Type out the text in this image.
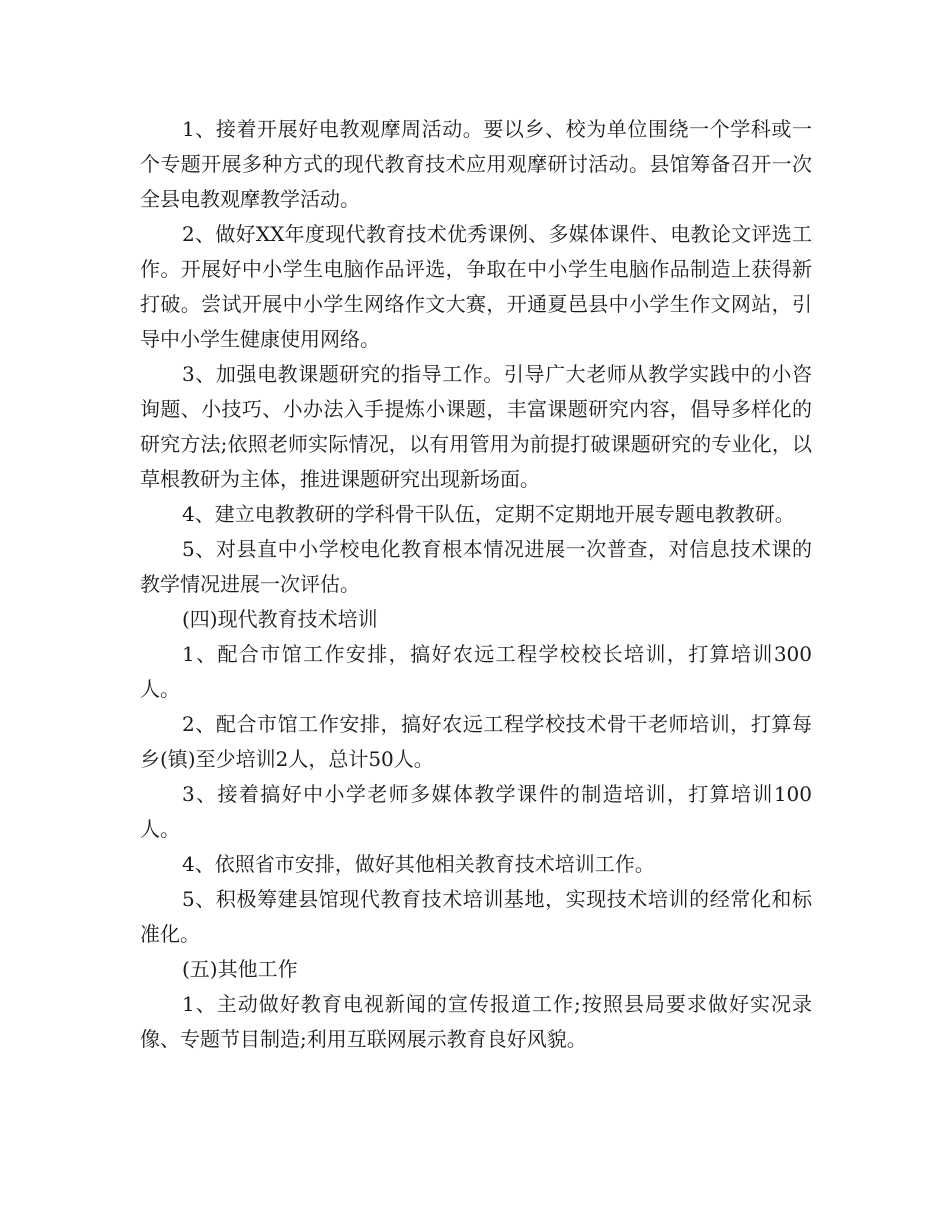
1、接着开展好电教观摩周活动。要以乡、校为单位围绕一个学科或一个专题开展多种方式的现代教育技术应用观摩研讨活动。县馆筹备召开一次全县电教观摩教学活动。

2、做好XX年度现代教育技术优秀课例、多媒体课件、电教论文评选工作。开展好中小学生电脑作品评选，争取在中小学生电脑作品制造上获得新打破。尝试开展中小学生网络作文大赛，开通夏邑县中小学生作文网站，引导中小学生健康使用网络。

3、加强电教课题研究的指导工作。引导广大老师从教学实践中的小咨询题、小技巧、小办法入手提炼小课题，丰富课题研究内容，倡导多样化的研究方法;依照老师实际情况，以有用管用为前提打破课题研究的专业化，以草根教研为主体，推进课题研究出现新场面。

4、建立电教教研的学科骨干队伍，定期不定期地开展专题电教教研。

5、对县直中小学校电化教育根本情况进展一次普查，对信息技术课的教学情况进展一次评估。

(四)现代教育技术培训

1、配合市馆工作安排，搞好农远工程学校校长培训，打算培训300人。

2、配合市馆工作安排，搞好农远工程学校技术骨干老师培训，打算每乡(镇)至少培训2人，总计50人。

3、接着搞好中小学老师多媒体教学课件的制造培训，打算培训100人。

4、依照省市安排，做好其他相关教育技术培训工作。

5、积极筹建县馆现代教育技术培训基地，实现技术培训的经常化和标准化。

(五)其他工作

1、主动做好教育电视新闻的宣传报道工作;按照县局要求做好实况录像、专题节目制造;利用互联网展示教育良好风貌。
